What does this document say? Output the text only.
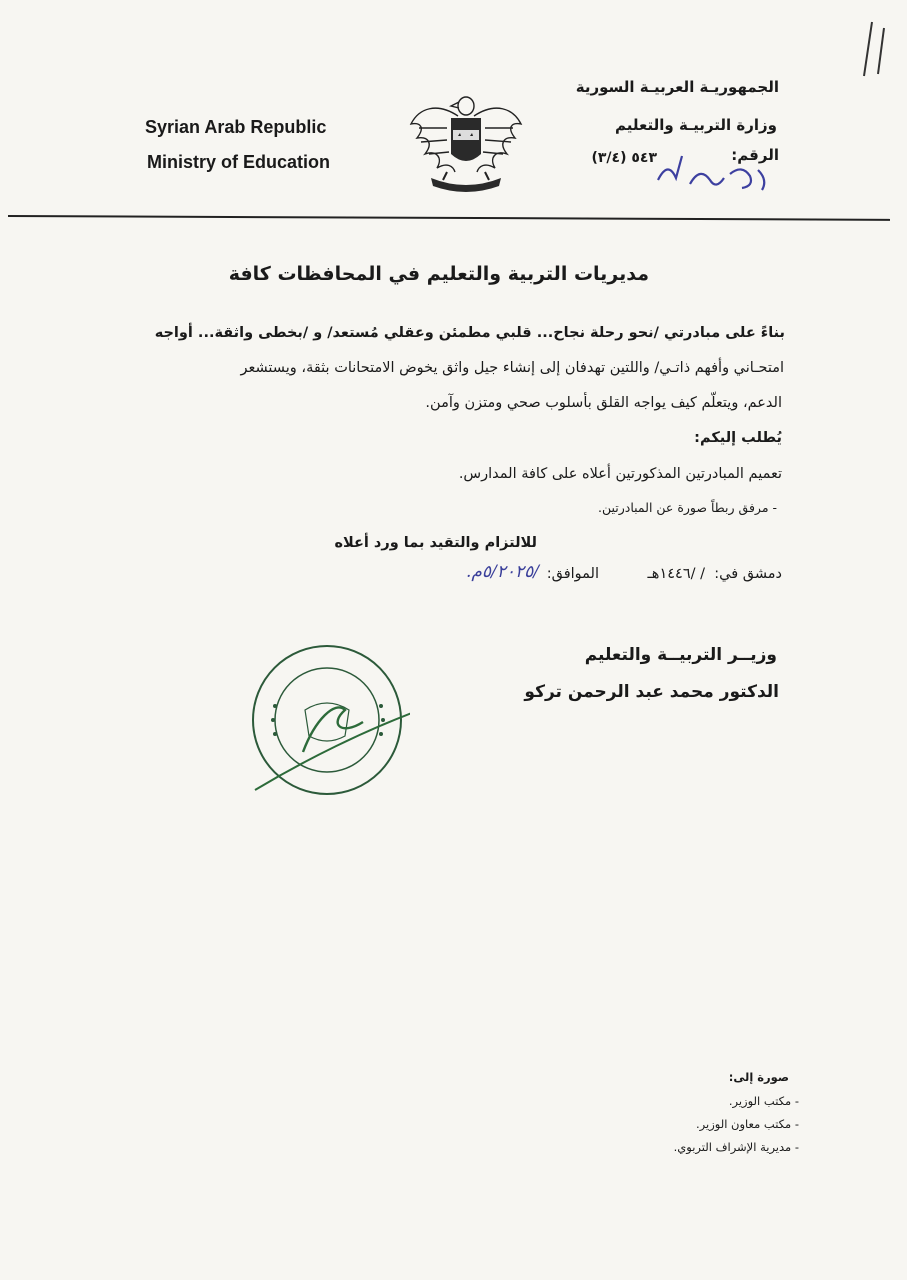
الجمهوريـة العربيـة السورية
وزارة التربيـة والتعليم
الرقم:
٥٤٣ (٣/٤)
Syrian Arab Republic
Ministry of Education
مديريات التربية والتعليم في المحافظات كافة
بناءً على مبادرتي /نحو رحلة نجاح... قلبي مطمئن وعقلي مُستعد/ و /بخطى واثقة... أواجه
امتحـاني وأفهم ذاتـي/ واللتين تهدفان إلى إنشاء جيل واثق يخوض الامتحانات بثقة، ويستشعر
الدعم، ويتعلّم كيف يواجه القلق بأسلوب صحي ومتزن وآمن.
يُطلب إليكم:
تعميم المبادرتين المذكورتين أعلاه على كافة المدارس.
- مرفق ربطاً صورة عن المبادرتين.
للالتزام والتقيد بما ورد أعلاه
دمشق في:
/ /١٤٤٦هـ
الموافق:
/٥/٢٠٢٥م.
وزيــر التربيــة والتعليم
الدكتور محمد عبد الرحمن تركو
صورة إلى:
- مكتب الوزير.
- مكتب معاون الوزير.
- مديرية الإشراف التربوي.
